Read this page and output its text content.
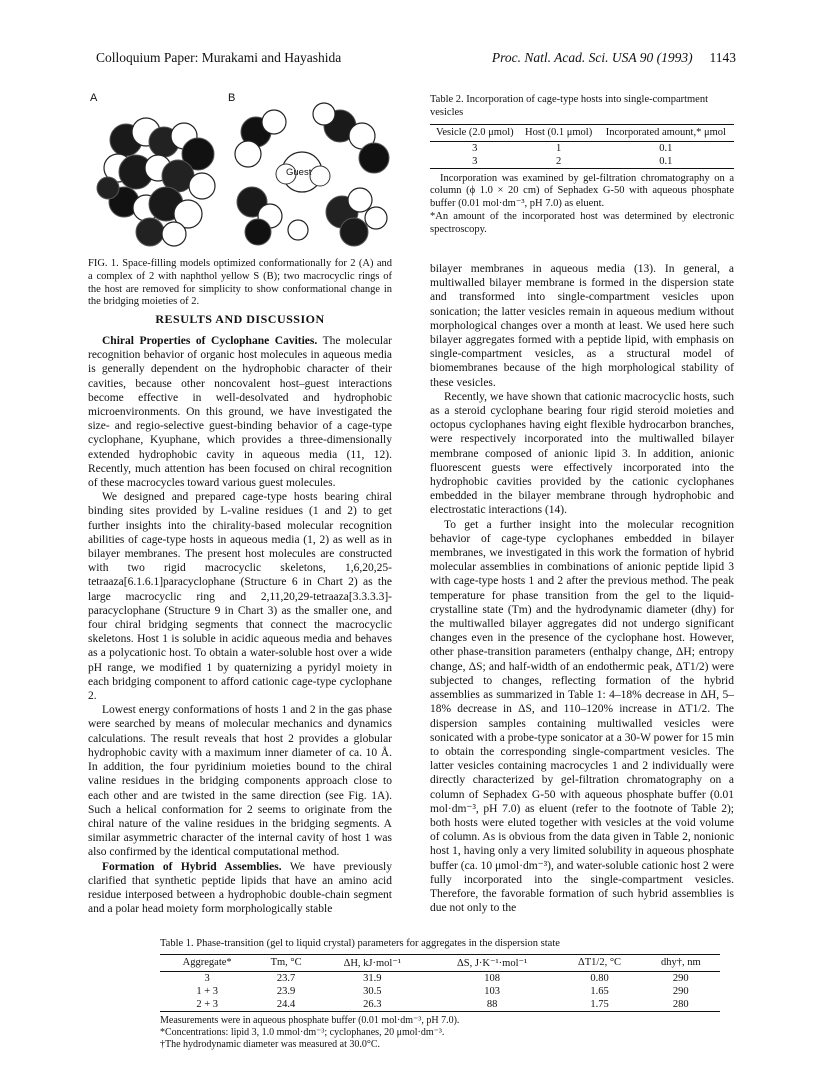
Colloquium Paper: Murakami and Hayashida	Proc. Natl. Acad. Sci. USA 90 (1993) 1143
A	B
Guest
FIG. 1. Space-filling models optimized conformationally for 2 (A) and a complex of 2 with naphthol yellow S (B); two macrocyclic rings of the host are removed for simplicity to show conformational change in the bridging moieties of 2.
RESULTS AND DISCUSSION

Chiral Properties of Cyclophane Cavities. The molecular recognition behavior of organic host molecules in aqueous media is generally dependent on the hydrophobic character of their cavities, because other noncovalent host–guest interactions become effective in well-desolvated and hydrophobic microenvironments. On this ground, we have investigated the size- and regio-selective guest-binding behavior of a cage-type cyclophane, Kyuphane, which provides a three-dimensionally extended hydrophobic cavity in aqueous media (11, 12). Recently, much attention has been focused on chiral recognition of these macrocycles toward various guest molecules.

We designed and prepared cage-type hosts bearing chiral binding sites provided by L-valine residues (1 and 2) to get further insights into the chirality-based molecular recognition abilities of cage-type hosts in aqueous media (1, 2) as well as in bilayer membranes. The present host molecules are constructed with two rigid macrocyclic skeletons, 1,6,20,25-tetraaza[6.1.6.1]paracyclophane (Structure 6 in Chart 2) as the large macrocyclic ring and 2,11,20,29-tetraaza[3.3.3.3]-paracyclophane (Structure 9 in Chart 3) as the smaller one, and four chiral bridging segments that connect the macrocyclic skeletons. Host 1 is soluble in acidic aqueous media and behaves as a polycationic host. To obtain a water-soluble host over a wide pH range, we modified 1 by quaternizing a pyridyl moiety in each bridging component to afford cationic cage-type cyclophane 2.

Lowest energy conformations of hosts 1 and 2 in the gas phase were searched by means of molecular mechanics and dynamics calculations. The result reveals that host 2 provides a globular hydrophobic cavity with a maximum inner diameter of ca. 10 Å. In addition, the four pyridinium moieties bound to the chiral valine residues in the bridging components approach close to each other and are twisted in the same direction (see Fig. 1A). Such a helical conformation for 2 seems to originate from the chiral nature of the valine residues in the bridging segments. A similar asymmetric character of the internal cavity of host 1 was also confirmed by the identical computational method.

Formation of Hybrid Assemblies. We have previously clarified that synthetic peptide lipids that have an amino acid residue interposed between a hydrophobic double-chain segment and a polar head moiety form morphologically stable

Table 2. Incorporation of cage-type hosts into single-compartment vesicles
Vesicle (2.0 μmol)	Host (0.1 μmol)	Incorporated amount,* μmol
3	1	0.1
3	2	0.1

Incorporation was examined by gel-filtration chromatography on a column (ϕ 1.0 × 20 cm) of Sephadex G-50 with aqueous phosphate buffer (0.01 mol·dm⁻³, pH 7.0) as eluent.

*An amount of the incorporated host was determined by electronic spectroscopy.

bilayer membranes in aqueous media (13). In general, a multiwalled bilayer membrane is formed in the dispersion state and transformed into single-compartment vesicles upon sonication; the latter vesicles remain in aqueous medium without morphological changes over a month at least. We used here such bilayer aggregates formed with a peptide lipid, with emphasis on single-compartment vesicles, as a structural model of biomembranes because of the high morphological stability of these vesicles.

Recently, we have shown that cationic macrocyclic hosts, such as a steroid cyclophane bearing four rigid steroid moieties and octopus cyclophanes having eight flexible hydrocarbon branches, were respectively incorporated into the multiwalled bilayer membrane composed of anionic lipid 3. In addition, anionic fluorescent guests were effectively incorporated into the hydrophobic cavities provided by the cationic cyclophanes embedded in the bilayer membrane through hydrophobic and electrostatic interactions (14).

To get a further insight into the molecular recognition behavior of cage-type cyclophanes embedded in bilayer membranes, we investigated in this work the formation of hybrid molecular assemblies in combinations of anionic peptide lipid 3 with cage-type hosts 1 and 2 after the previous method. The peak temperature for phase transition from the gel to the liquid-crystalline state (Tm) and the hydrodynamic diameter (dhy) for the multiwalled bilayer aggregates did not undergo significant changes even in the presence of the cyclophane host. However, other phase-transition parameters (enthalpy change, ΔH; entropy change, ΔS; and half-width of an endothermic peak, ΔT1/2) were subjected to changes, reflecting formation of the hybrid assemblies as summarized in Table 1: 4–18% decrease in ΔH, 5–18% decrease in ΔS, and 110–120% increase in ΔT1/2. The dispersion samples containing multiwalled vesicles were sonicated with a probe-type sonicator at a 30-W power for 15 min to obtain the corresponding single-compartment vesicles. The latter vesicles containing macrocycles 1 and 2 individually were directly characterized by gel-filtration chromatography on a column of Sephadex G-50 with aqueous phosphate buffer (0.01 mol·dm⁻³, pH 7.0) as eluent (refer to the footnote of Table 2); both hosts were eluted together with vesicles at the void volume of column. As is obvious from the data given in Table 2, nonionic host 1, having only a very limited solubility in aqueous phosphate buffer (ca. 10 μmol·dm⁻³), and water-soluble cationic host 2 were fully incorporated into the single-compartment vesicles. Therefore, the favorable formation of such hybrid assemblies is due not only to the

Table 1. Phase-transition (gel to liquid crystal) parameters for aggregates in the dispersion state
Aggregate*	Tm, °C	ΔH, kJ·mol⁻¹	ΔS, J·K⁻¹·mol⁻¹	ΔT1/2, °C	dhy†, nm
3	23.7	31.9	108	0.80	290
1 + 3	23.9	30.5	103	1.65	290
2 + 3	24.4	26.3	88	1.75	280

Measurements were in aqueous phosphate buffer (0.01 mol·dm⁻³, pH 7.0).

*Concentrations: lipid 3, 1.0 mmol·dm⁻³; cyclophanes, 20 μmol·dm⁻³.

†The hydrodynamic diameter was measured at 30.0°C.
